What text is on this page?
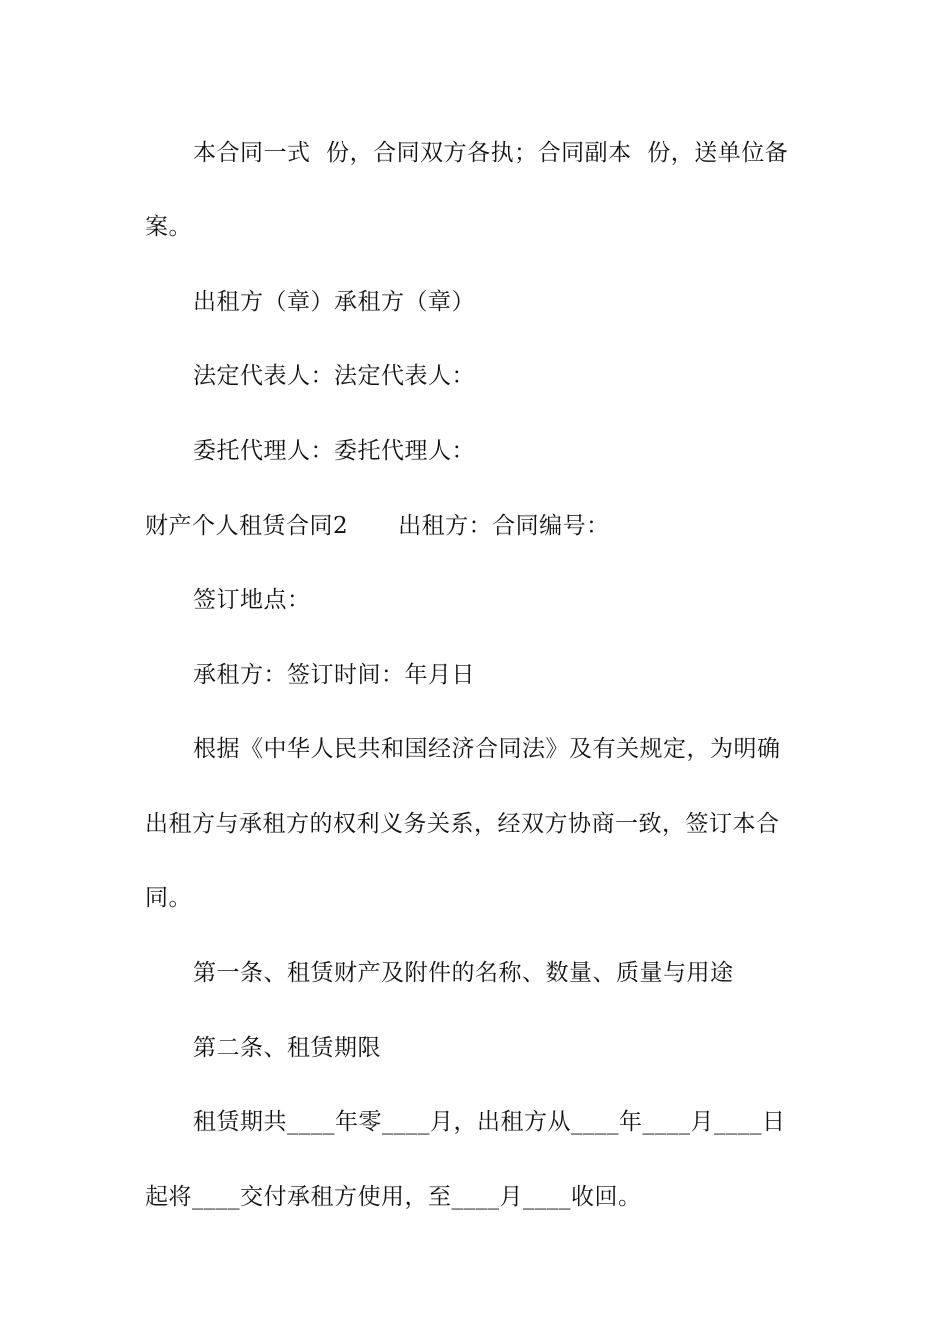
本合同一式  份，合同双方各执；合同副本  份，送单位备
案。
出租方（章）承租方（章）
法定代表人：法定代表人：
委托代理人：委托代理人：
财产个人租赁合同2 出租方：合同编号：
签订地点：
承租方：签订时间：年月日
根据《中华人民共和国经济合同法》及有关规定，为明确
出租方与承租方的权利义务关系，经双方协商一致，签订本合
同。
第一条、租赁财产及附件的名称、数量、质量与用途
第二条、租赁期限
租赁期共____年零____月，出租方从____年____月____日
起将____交付承租方使用，至____月____收回。
